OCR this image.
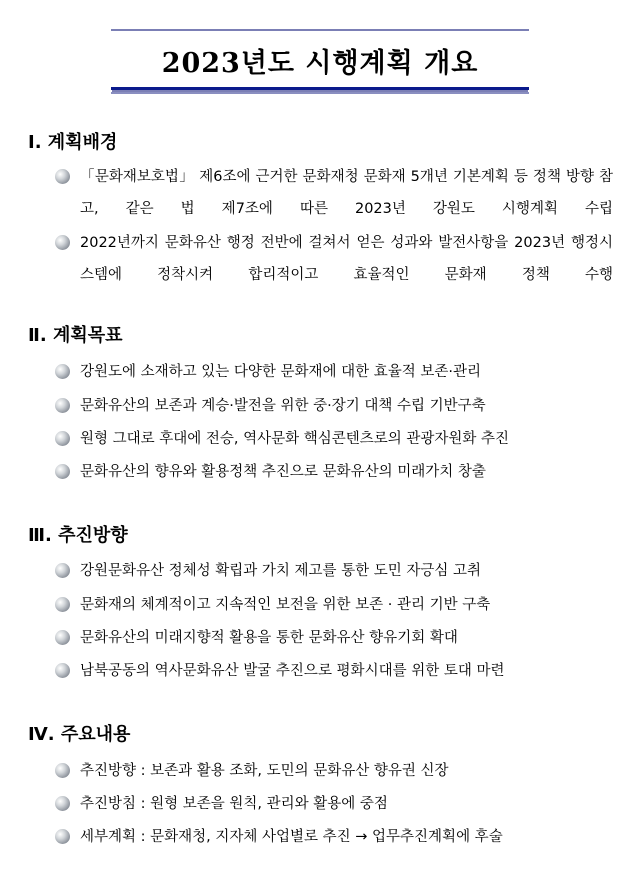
2023년도 시행계획 개요
Ⅰ. 계획배경
「문화재보호법」 제6조에 근거한 문화재청 문화재 5개년 기본계획 등 정책 방향 참고, 같은 법 제7조에 따른 2023년 강원도 시행계획 수립
2022년까지 문화유산 행정 전반에 걸쳐서 얻은 성과와 발전사항을 2023년 행정시스템에 정착시켜 합리적이고 효율적인 문화재 정책 수행
Ⅱ. 계획목표
강원도에 소재하고 있는 다양한 문화재에 대한 효율적 보존·관리
문화유산의 보존과 계승·발전을 위한 중·장기 대책 수립 기반구축
원형 그대로 후대에 전승, 역사문화 핵심콘텐츠로의 관광자원화 추진
문화유산의 향유와 활용정책 추진으로 문화유산의 미래가치 창출
Ⅲ. 추진방향
강원문화유산 정체성 확립과 가치 제고를 통한 도민 자긍심 고취
문화재의 체계적이고 지속적인 보전을 위한 보존 · 관리 기반 구축
문화유산의 미래지향적 활용을 통한 문화유산 향유기회 확대
남북공동의 역사문화유산 발굴 추진으로 평화시대를 위한 토대 마련
Ⅳ. 주요내용
추진방향 : 보존과 활용 조화, 도민의 문화유산 향유권 신장
추진방침 : 원형 보존을 원칙, 관리와 활용에 중점
세부계획 : 문화재청, 지자체 사업별로 추진 → 업무추진계획에 후술
